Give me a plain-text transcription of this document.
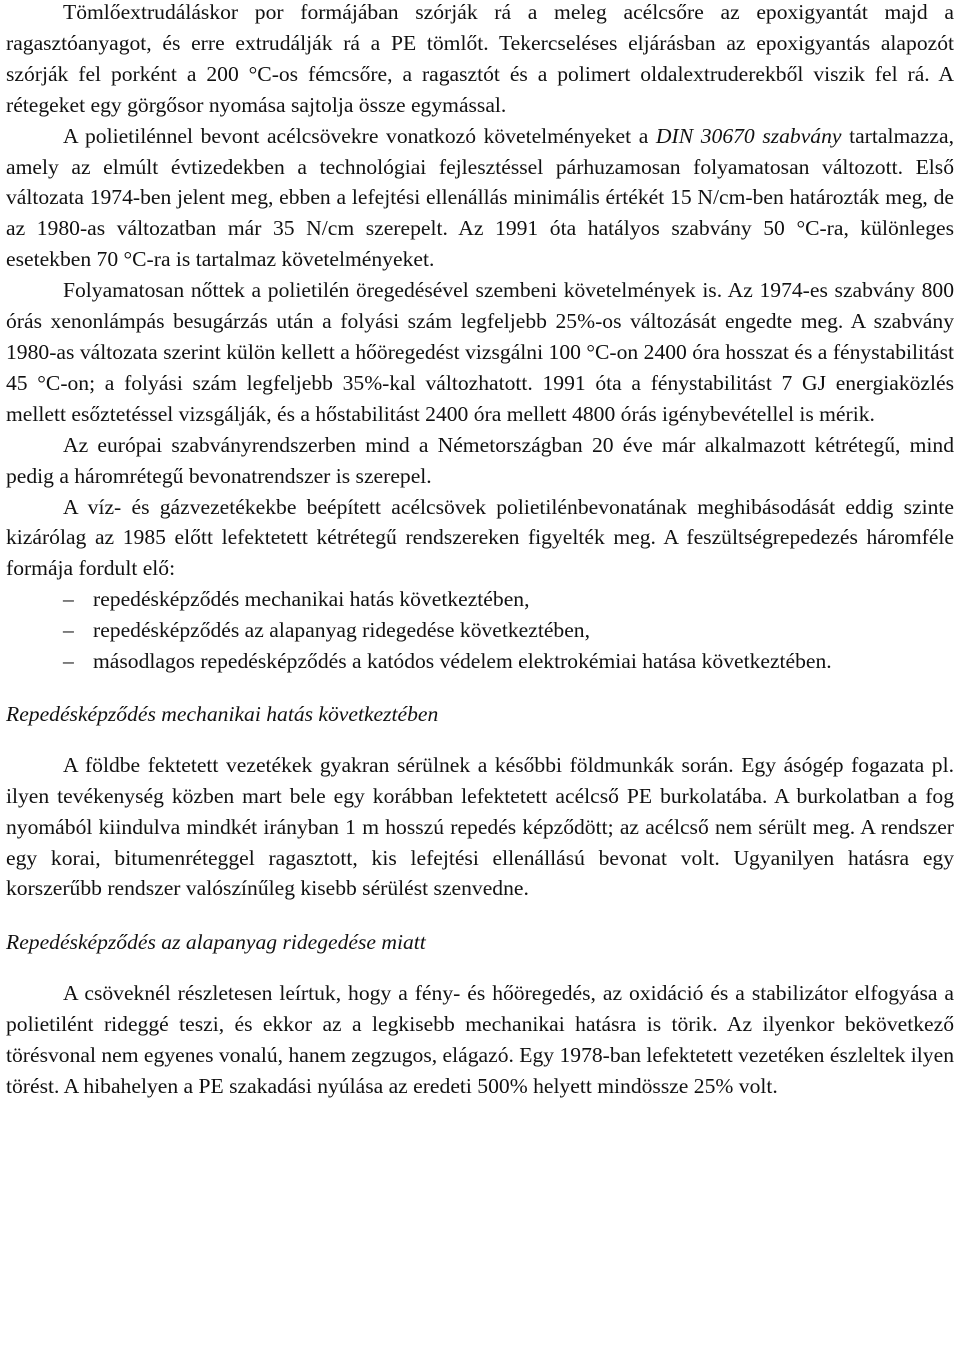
Tömlőextrudáláskor por formájában szórják rá a meleg acélcsőre az epoxigyantát majd a ragasztóanyagot, és erre extrudálják rá a PE tömlőt. Tekercseléses eljárásban az epoxigyantás alapozót szórják fel porként a 200 °C-os fémcsőre, a ragasztót és a polimert oldalextruderekből viszik fel rá. A rétegeket egy görgősor nyomása sajtolja össze egymással.

A polietilénnel bevont acélcsövekre vonatkozó követelményeket a DIN 30670 szabvány tartalmazza, amely az elmúlt évtizedekben a technológiai fejlesztéssel párhuzamosan folyamatosan változott. Első változata 1974-ben jelent meg, ebben a lefejtési ellenállás minimális értékét 15 N/cm-ben határozták meg, de az 1980-as változatban már 35 N/cm szerepelt. Az 1991 óta hatályos szabvány 50 °C-ra, különleges esetekben 70 °C-ra is tartalmaz követelményeket.

Folyamatosan nőttek a polietilén öregedésével szembeni követelmények is. Az 1974-es szabvány 800 órás xenonlámpás besugárzás után a folyási szám legfeljebb 25%-os változását engedte meg. A szabvány 1980-as változata szerint külön kellett a hőöregedést vizsgálni 100 °C-on 2400 óra hosszat és a fénystabilitást 45 °C-on; a folyási szám legfeljebb 35%-kal változhatott. 1991 óta a fénystabilitást 7 GJ energiaközlés mellett esőztetéssel vizsgálják, és a hőstabilitást 2400 óra mellett 4800 órás igénybevétellel is mérik.

Az európai szabványrendszerben mind a Németországban 20 éve már alkalmazott kétrétegű, mind pedig a háromrétegű bevonatrendszer is szerepel.

A víz- és gázvezetékekbe beépített acélcsövek polietilénbevonatának meghibásodását eddig szinte kizárólag az 1985 előtt lefektetett kétrétegű rendszereken figyelték meg. A feszültségrepedezés háromféle formája fordult elő:

– repedésképződés mechanikai hatás következtében,
– repedésképződés az alapanyag ridegedése következtében,
– másodlagos repedésképződés a katódos védelem elektrokémiai hatása következtében.
Repedésképződés mechanikai hatás következtében

A földbe fektetett vezetékek gyakran sérülnek a későbbi földmunkák során. Egy ásógép fogazata pl. ilyen tevékenység közben mart bele egy korábban lefektetett acélcső PE burkolatába. A burkolatban a fog nyomából kiindulva mindkét irányban 1 m hosszú repedés képződött; az acélcső nem sérült meg. A rendszer egy korai, bitumenréteggel ragasztott, kis lefejtési ellenállású bevonat volt. Ugyanilyen hatásra egy korszerűbb rendszer valószínűleg kisebb sérülést szenvedne.

Repedésképződés az alapanyag ridegedése miatt

A csöveknél részletesen leírtuk, hogy a fény- és hőöregedés, az oxidáció és a stabilizátor elfogyása a polietilént rideggé teszi, és ekkor az a legkisebb mechanikai hatásra is törik. Az ilyenkor bekövetkező törésvonal nem egyenes vonalú, hanem zegzugos, elágazó. Egy 1978-ban lefektetett vezetéken észleltek ilyen törést. A hibahelyen a PE szakadási nyúlása az eredeti 500% helyett mindössze 25% volt.
